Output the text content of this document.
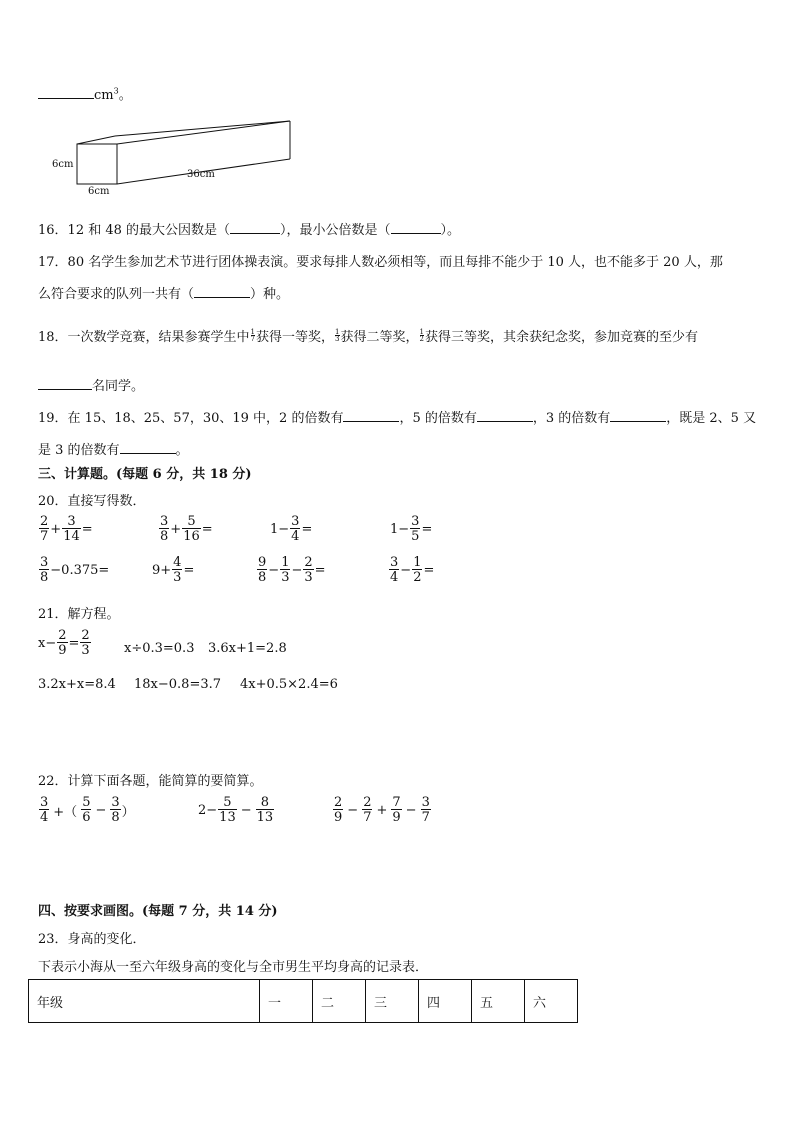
$cm^3$。
6cm
6cm
36cm
16．12 和 48 的最大公因数是（	），最小公倍数是（	）。
17．80 名学生参加艺术节进行团体操表演。要求每排人数必须相等，而且每排不能少于 10 人，也不能多于 20 人，那
么符合要求的队列一共有（	）种。
18．一次数学竞赛，结果参赛学生中 $\frac{1}{7}$ 获得一等奖， $\frac{1}{3}$ 获得二等奖， $\frac{1}{2}$ 获得三等奖，其余获纪念奖，参加竞赛的至少有
名同学。
19．在 15、18、25、57，30、19 中，2 的倍数有	，5 的倍数有	，3 的倍数有	，既是 2、5 又
是 3 的倍数有	。
三、计算题。(每题 6 分，共 18 分)
20．直接写得数．
$\frac{2}{7} + \frac{3}{14}$ =	$\frac{3}{8} + \frac{5}{16}$ =	$1- \frac{3}{4}$ =	$1- \frac{3}{5}$ =
$\frac{3}{8} -0.375=$	$9+ \frac{4}{3}$ =	$\frac{9}{8} - \frac{1}{3} - \frac{2}{3}$ =	$\frac{3}{4} - \frac{1}{2}$ =
21．解方程。
$x- \frac{2}{9} = \frac{2}{3}$	x÷0.3=0.3 3.6x+1=2.8
3.2x+x=8.4 18x−0.8=3.7 4x+0.5×2.4=6
22．计算下面各题，能简算的要简算。
$\frac{3}{4}$ +（ $\frac{5}{6} - \frac{3}{8}$ ）	$2- \frac{5}{13} - \frac{8}{13}$	$\frac{2}{9} - \frac{2}{7} + \frac{7}{9} - \frac{3}{7}$
四、按要求画图。(每题 7 分，共 14 分)
23．身高的变化．
下表示小海从一至六年级身高的变化与全市男生平均身高的记录表．
年级	一	二	三	四	五	六
